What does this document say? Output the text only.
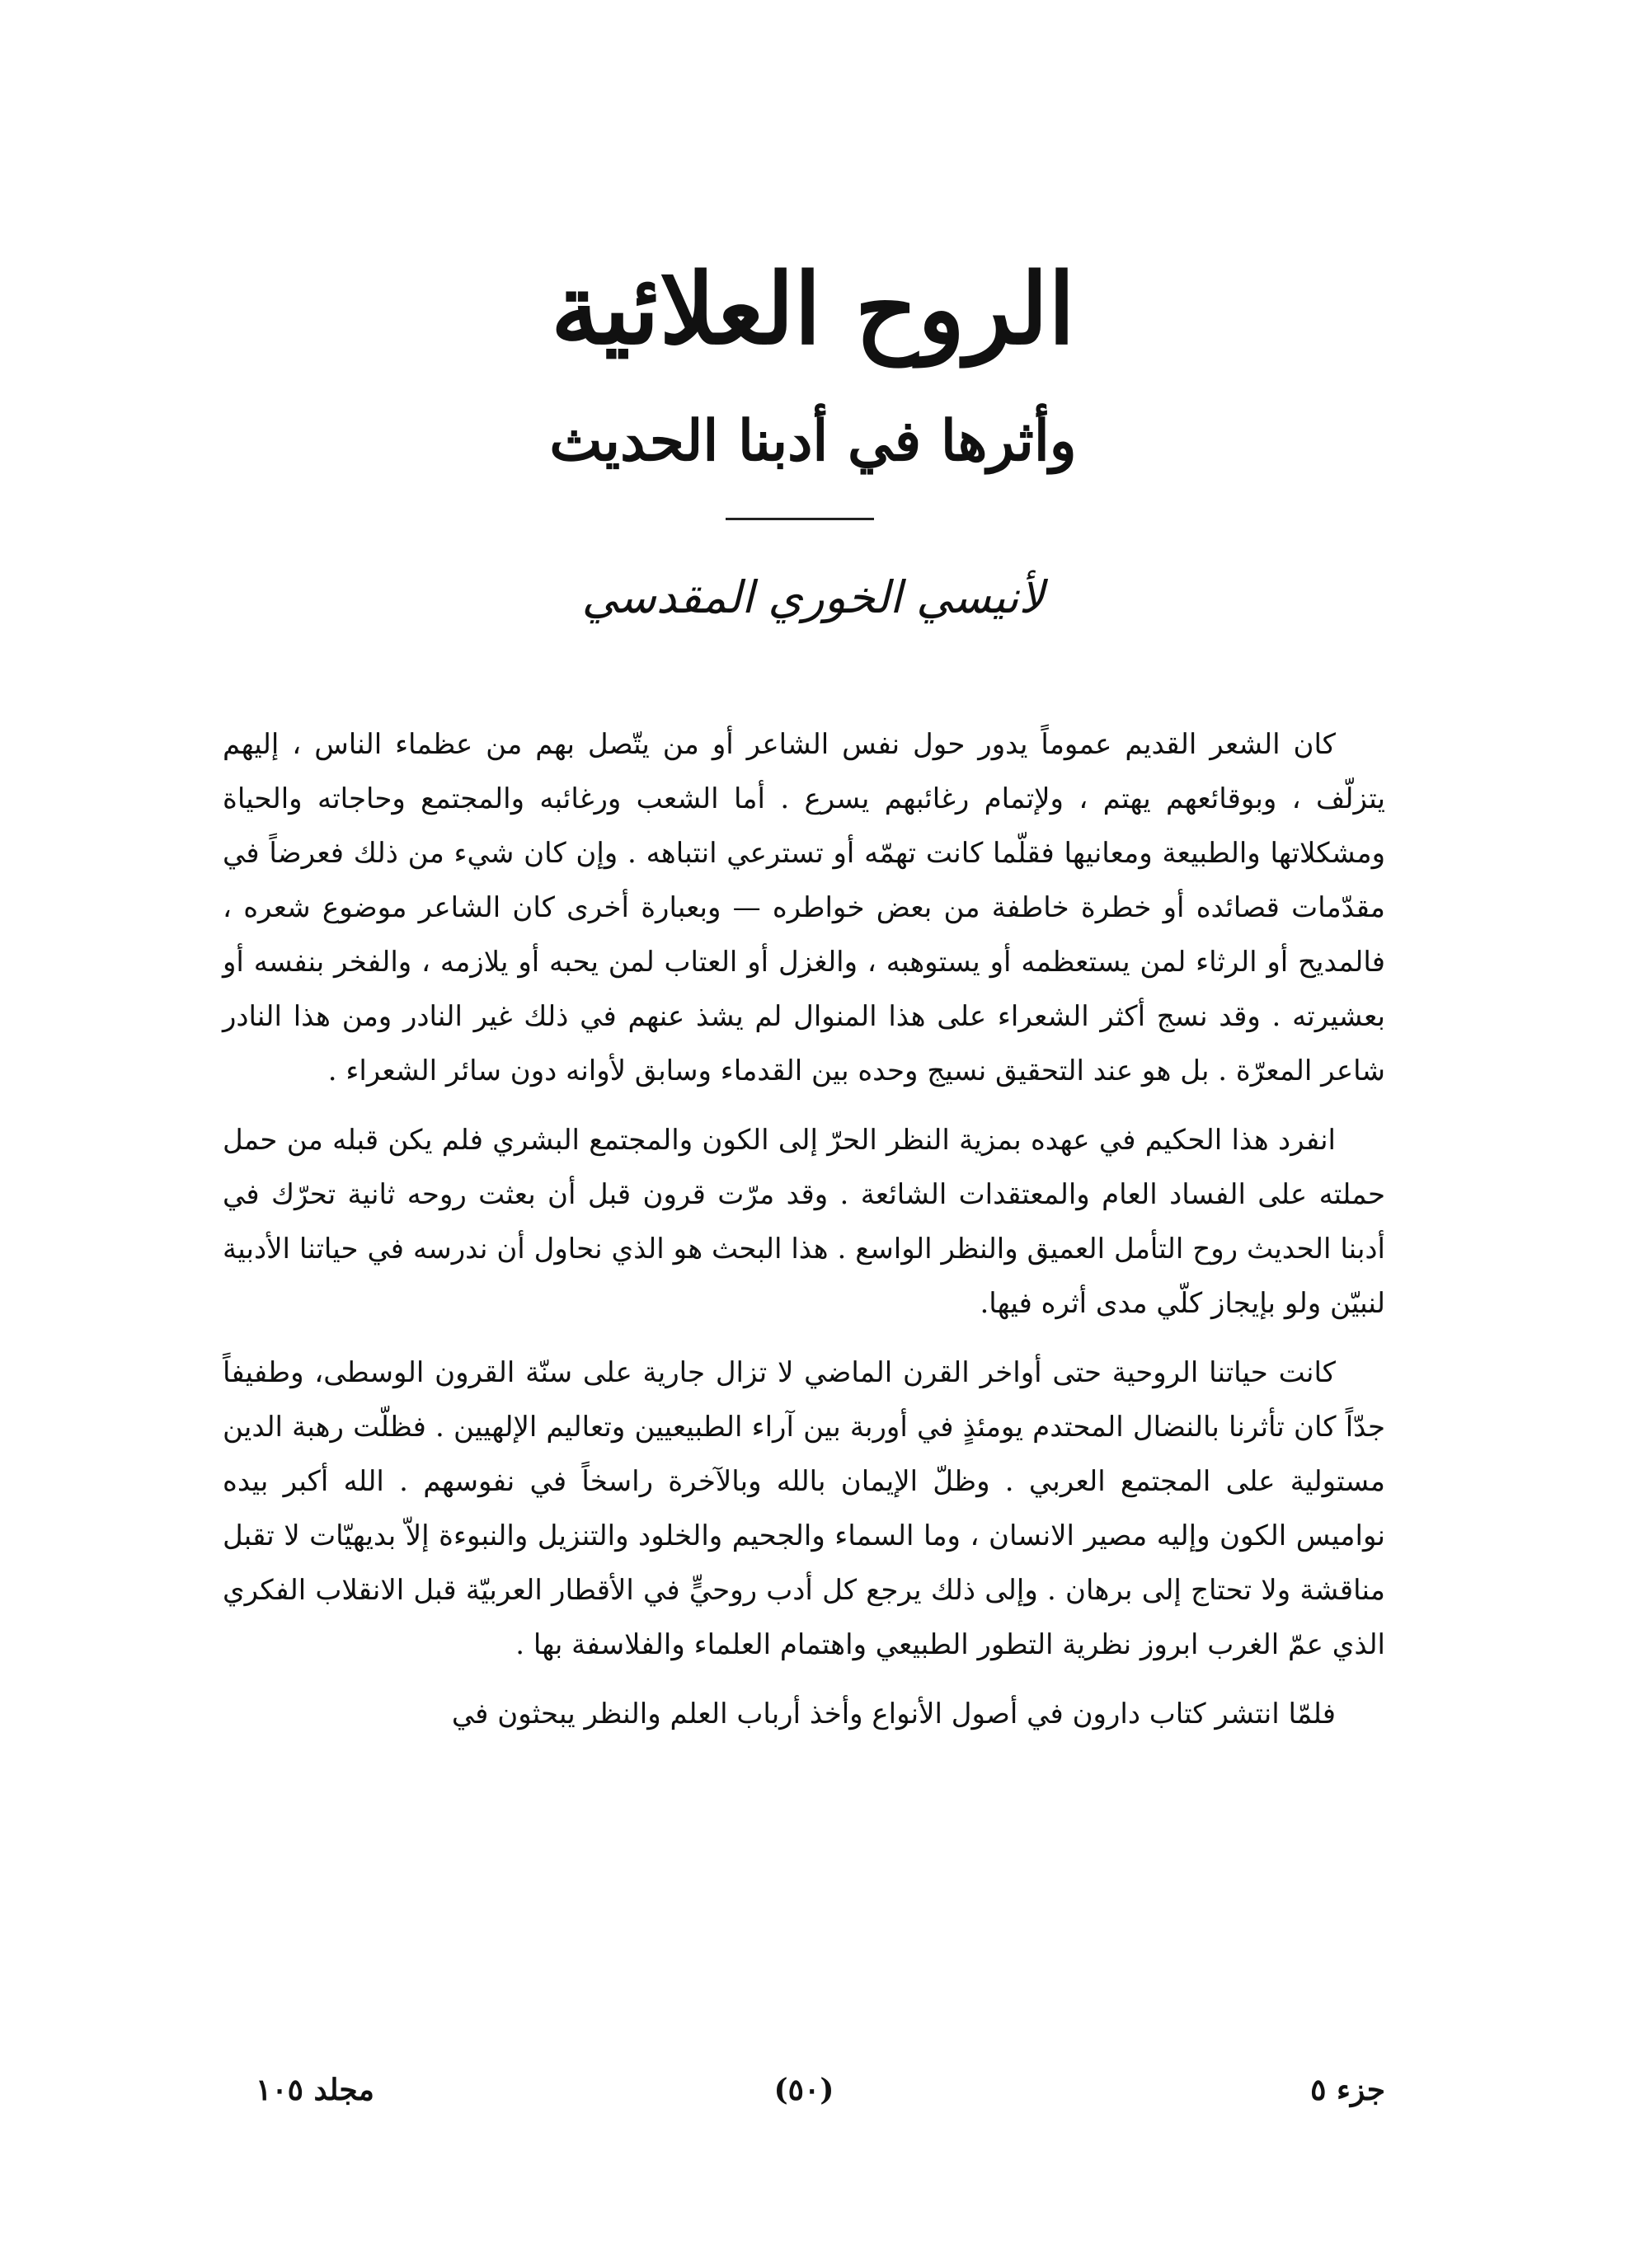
الروح العلائية
وأثرها في أدبنا الحديث
لأنيسي الخوري المقدسي

كان الشعر القديم عموماً يدور حول نفس الشاعر أو من يتّصل بهم من عظماء الناس ، إليهم يتزلّف ، وبوقائعهم يهتم ، ولإتمام رغائبهم يسرع . أما الشعب ورغائبه والمجتمع وحاجاته والحياة ومشكلاتها والطبيعة ومعانيها فقلّما كانت تهمّه أو تسترعي انتباهه . وإن كان شيء من ذلك فعرضاً في مقدّمات قصائده أو خطرة خاطفة من بعض خواطره — وبعبارة أخرى كان الشاعر موضوع شعره ، فالمديح أو الرثاء لمن يستعظمه أو يستوهبه ، والغزل أو العتاب لمن يحبه أو يلازمه ، والفخر بنفسه أو بعشيرته . وقد نسج أكثر الشعراء على هذا المنوال لم يشذ عنهم في ذلك غير النادر ومن هذا النادر شاعر المعرّة . بل هو عند التحقيق نسيج وحده بين القدماء وسابق لأوانه دون سائر الشعراء .

انفرد هذا الحكيم في عهده بمزية النظر الحرّ إلى الكون والمجتمع البشري فلم يكن قبله من حمل حملته على الفساد العام والمعتقدات الشائعة . وقد مرّت قرون قبل أن بعثت روحه ثانية تحرّك في أدبنا الحديث روح التأمل العميق والنظر الواسع . هذا البحث هو الذي نحاول أن ندرسه في حياتنا الأدبية لنبيّن ولو بإيجاز كلّي مدى أثره فيها.

كانت حياتنا الروحية حتى أواخر القرن الماضي لا تزال جارية على سنّة القرون الوسطى، وطفيفاً جدّاً كان تأثرنا بالنضال المحتدم يومئذٍ في أوربة بين آراء الطبيعيين وتعاليم الإلهيين . فظلّت رهبة الدين مستولية على المجتمع العربي . وظلّ الإيمان بالله وبالآخرة راسخاً في نفوسهم . الله أكبر بيده نواميس الكون وإليه مصير الانسان ، وما السماء والجحيم والخلود والتنزيل والنبوءة إلاّ بديهيّات لا تقبل مناقشة ولا تحتاج إلى برهان . وإلى ذلك يرجع كل أدب روحيٍّ في الأقطار العربيّة قبل الانقلاب الفكري الذي عمّ الغرب ابروز نظرية التطور الطبيعي واهتمام العلماء والفلاسفة بها .

فلمّا انتشر كتاب دارون في أصول الأنواع وأخذ أرباب العلم والنظر يبحثون في

جزء ٥
(٥٠)
مجلد ١٠٥
